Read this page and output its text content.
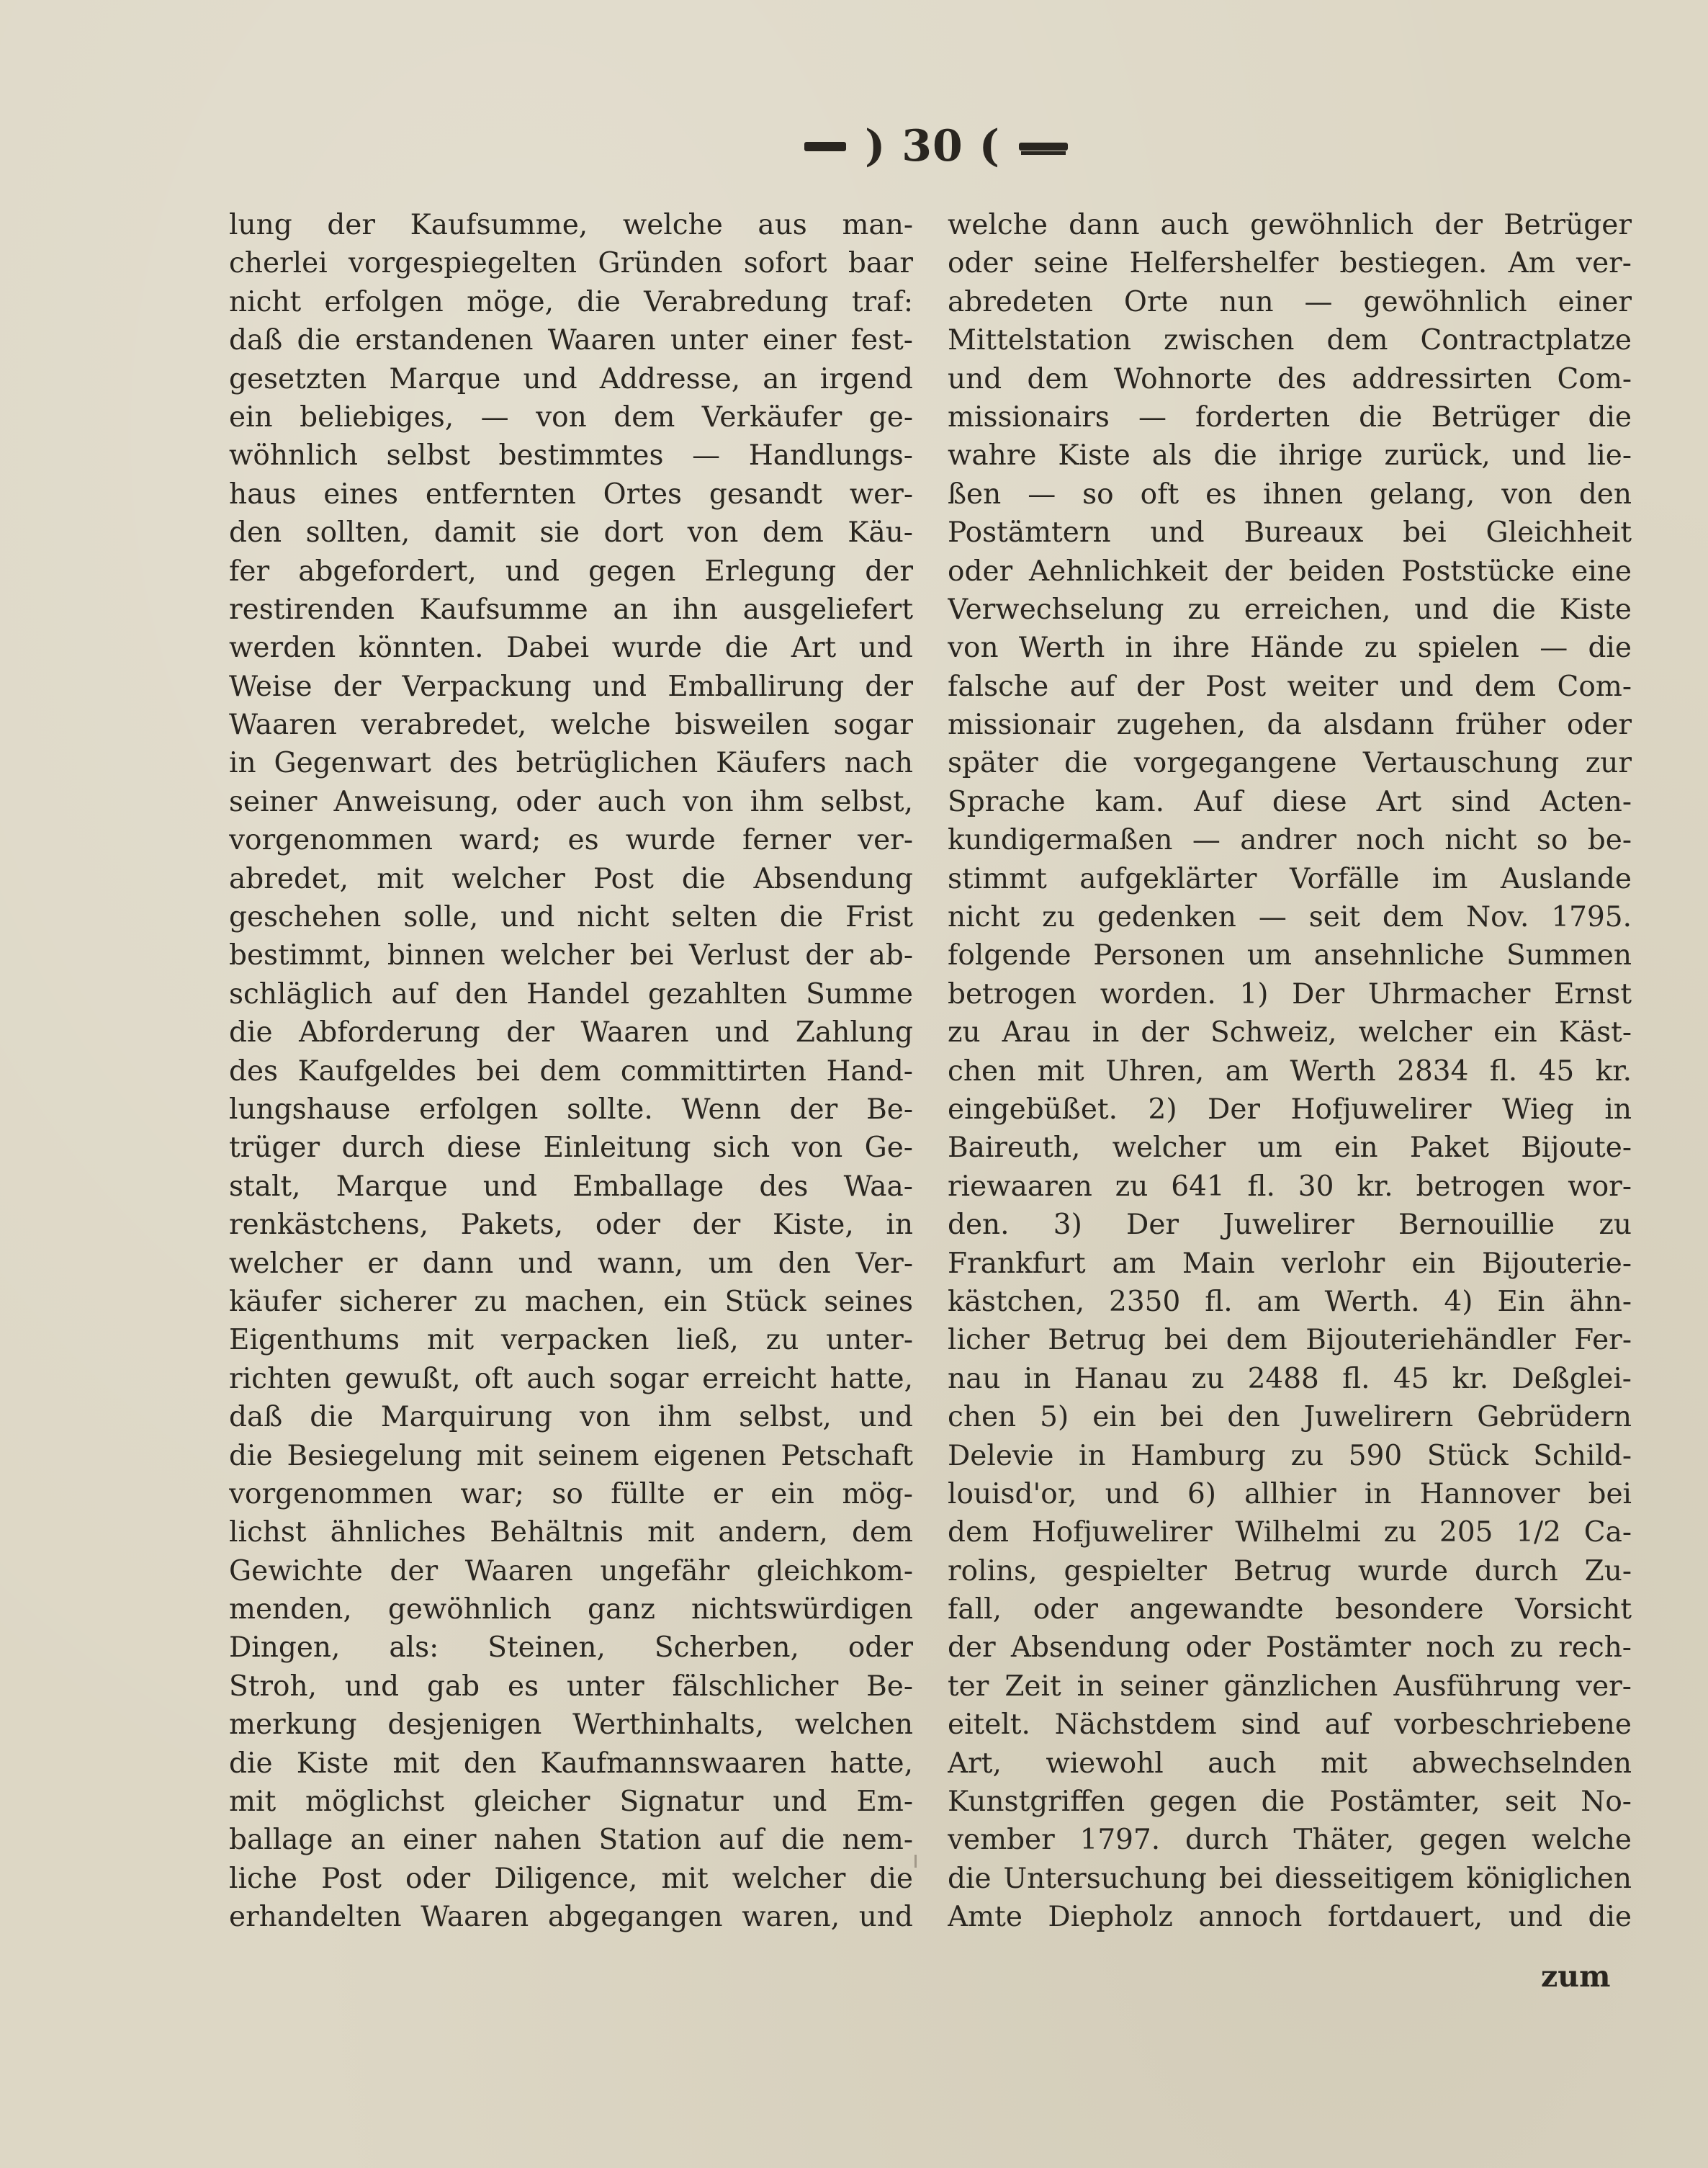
) 30 (
lung der Kaufsumme, welche aus man-
cherlei vorgespiegelten Gründen sofort baar
nicht erfolgen möge, die Verabredung traf:
daß die erstandenen Waaren unter einer fest-
gesetzten Marque und Addresse, an irgend
ein beliebiges, — von dem Verkäufer ge-
wöhnlich selbst bestimmtes — Handlungs-
haus eines entfernten Ortes gesandt wer-
den sollten, damit sie dort von dem Käu-
fer abgefordert, und gegen Erlegung der
restirenden Kaufsumme an ihn ausgeliefert
werden könnten. Dabei wurde die Art und
Weise der Verpackung und Emballirung der
Waaren verabredet, welche bisweilen sogar
in Gegenwart des betrüglichen Käufers nach
seiner Anweisung, oder auch von ihm selbst,
vorgenommen ward; es wurde ferner ver-
abredet, mit welcher Post die Absendung
geschehen solle, und nicht selten die Frist
bestimmt, binnen welcher bei Verlust der ab-
schläglich auf den Handel gezahlten Summe
die Abforderung der Waaren und Zahlung
des Kaufgeldes bei dem committirten Hand-
lungshause erfolgen sollte. Wenn der Be-
trüger durch diese Einleitung sich von Ge-
stalt, Marque und Emballage des Waa-
renkästchens, Pakets, oder der Kiste, in
welcher er dann und wann, um den Ver-
käufer sicherer zu machen, ein Stück seines
Eigenthums mit verpacken ließ, zu unter-
richten gewußt, oft auch sogar erreicht hatte,
daß die Marquirung von ihm selbst, und
die Besiegelung mit seinem eigenen Petschaft
vorgenommen war; so füllte er ein mög-
lichst ähnliches Behältnis mit andern, dem
Gewichte der Waaren ungefähr gleichkom-
menden, gewöhnlich ganz nichtswürdigen
Dingen, als: Steinen, Scherben, oder
Stroh, und gab es unter fälschlicher Be-
merkung desjenigen Werthinhalts, welchen
die Kiste mit den Kaufmannswaaren hatte,
mit möglichst gleicher Signatur und Em-
ballage an einer nahen Station auf die nem-
liche Post oder Diligence, mit welcher die
erhandelten Waaren abgegangen waren, und
welche dann auch gewöhnlich der Betrüger
oder seine Helfershelfer bestiegen. Am ver-
abredeten Orte nun — gewöhnlich einer
Mittelstation zwischen dem Contractplatze
und dem Wohnorte des addressirten Com-
missionairs — forderten die Betrüger die
wahre Kiste als die ihrige zurück, und lie-
ßen — so oft es ihnen gelang, von den
Postämtern und Bureaux bei Gleichheit
oder Aehnlichkeit der beiden Poststücke eine
Verwechselung zu erreichen, und die Kiste
von Werth in ihre Hände zu spielen — die
falsche auf der Post weiter und dem Com-
missionair zugehen, da alsdann früher oder
später die vorgegangene Vertauschung zur
Sprache kam. Auf diese Art sind Acten-
kundigermaßen — andrer noch nicht so be-
stimmt aufgeklärter Vorfälle im Auslande
nicht zu gedenken — seit dem Nov. 1795.
folgende Personen um ansehnliche Summen
betrogen worden. 1) Der Uhrmacher Ernst
zu Arau in der Schweiz, welcher ein Käst-
chen mit Uhren, am Werth 2834 fl. 45 kr.
eingebüßet. 2) Der Hofjuwelirer Wieg in
Baireuth, welcher um ein Paket Bijoute-
riewaaren zu 641 fl. 30 kr. betrogen wor-
den. 3) Der Juwelirer Bernouillie zu
Frankfurt am Main verlohr ein Bijouterie-
kästchen, 2350 fl. am Werth. 4) Ein ähn-
licher Betrug bei dem Bijouteriehändler Fer-
nau in Hanau zu 2488 fl. 45 kr. Deßglei-
chen 5) ein bei den Juwelirern Gebrüdern
Delevie in Hamburg zu 590 Stück Schild-
louisd'or, und 6) allhier in Hannover bei
dem Hofjuwelirer Wilhelmi zu 205 1/2 Ca-
rolins, gespielter Betrug wurde durch Zu-
fall, oder angewandte besondere Vorsicht
der Absendung oder Postämter noch zu rech-
ter Zeit in seiner gänzlichen Ausführung ver-
eitelt. Nächstdem sind auf vorbeschriebene
Art, wiewohl auch mit abwechselnden
Kunstgriffen gegen die Postämter, seit No-
vember 1797. durch Thäter, gegen welche
die Untersuchung bei diesseitigem königlichen
Amte Diepholz annoch fortdauert, und die
zum
